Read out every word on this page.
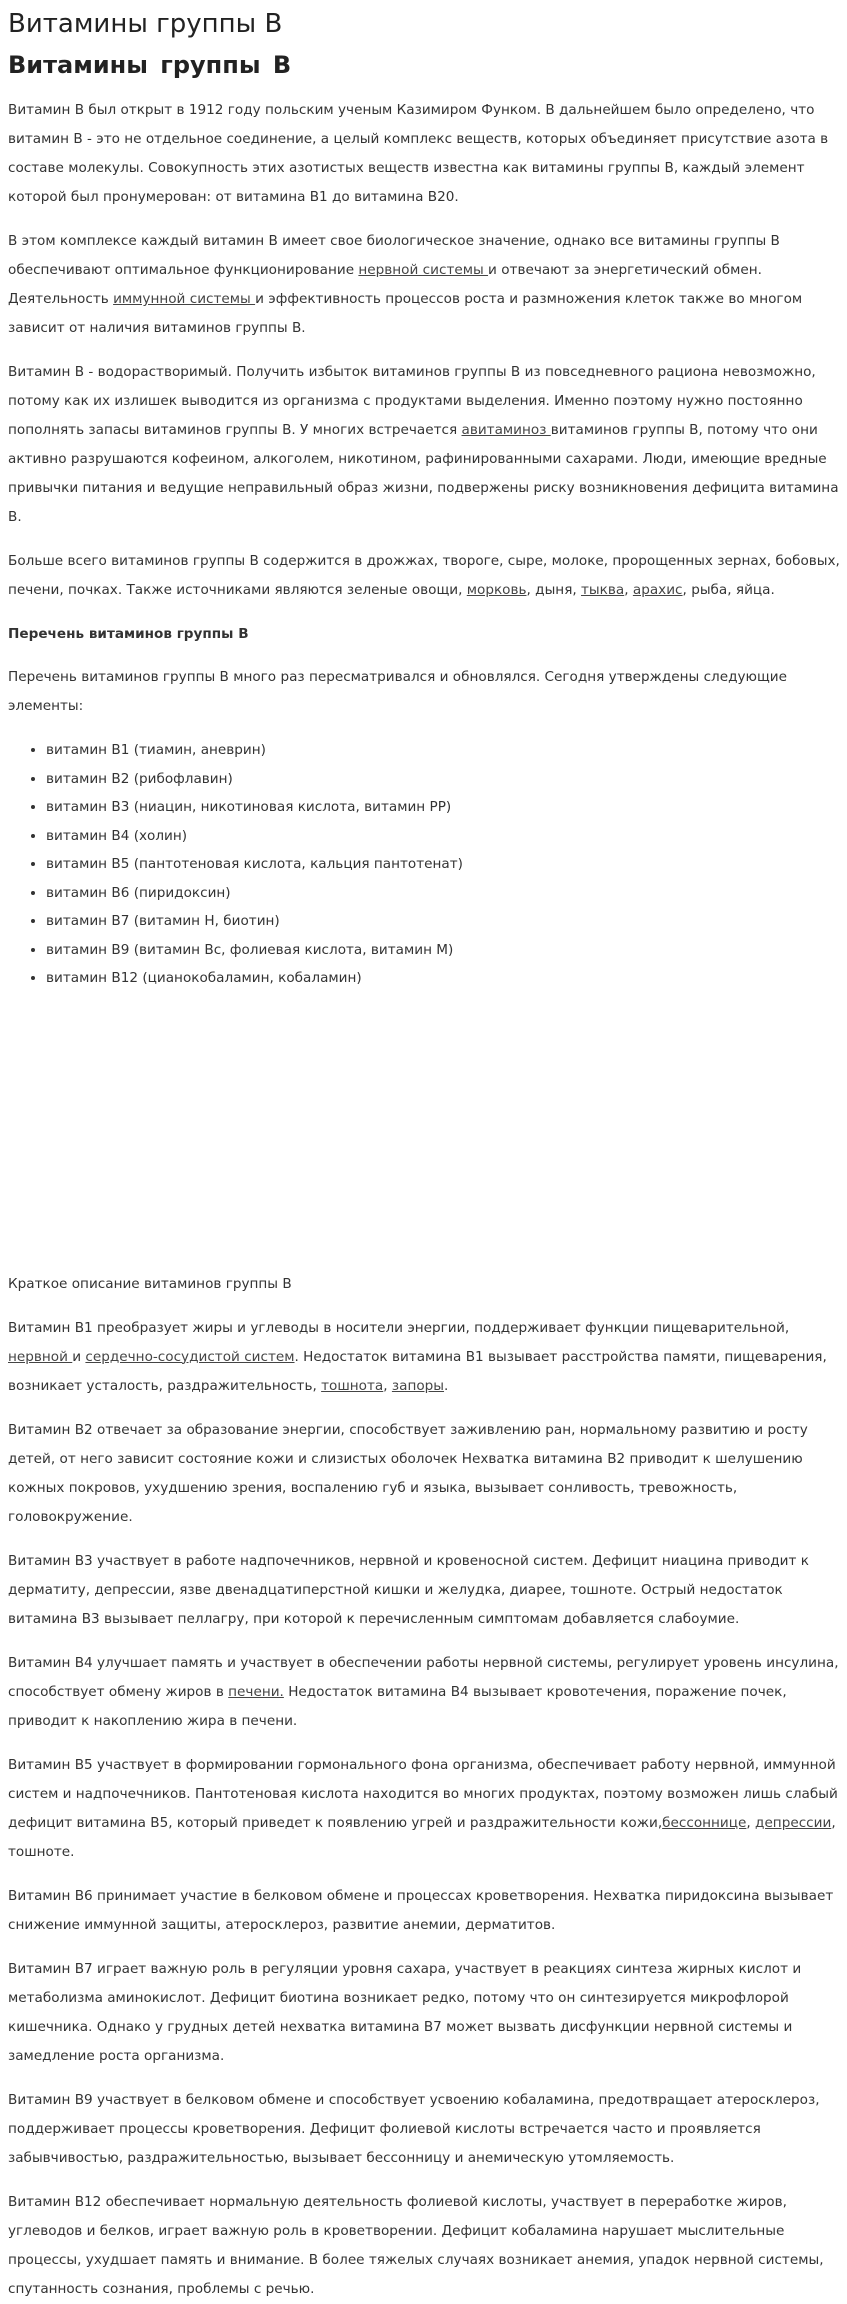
Витамины группы В
Витамины группы В

Витамин В был открыт в 1912 году польским ученым Казимиром Функом. В дальнейшем было определено, что витамин В - это не отдельное соединение, а целый комплекс веществ, которых объединяет присутствие азота в составе молекулы. Совокупность этих азотистых веществ известна как витамины группы В, каждый элемент которой был пронумерован: от витамина В1 до витамина В20.

В этом комплексе каждый витамин В имеет свое биологическое значение, однако все витамины группы В обеспечивают оптимальное функционирование нервной системы и отвечают за энергетический обмен. Деятельность иммунной системы и эффективность процессов роста и размножения клеток также во многом зависит от наличия витаминов группы В.

Витамин В - водорастворимый. Получить избыток витаминов группы В из повседневного рациона невозможно, потому как их излишек выводится из организма с продуктами выделения. Именно поэтому нужно постоянно пополнять запасы витаминов группы В. У многих встречается авитаминоз витаминов группы В, потому что они активно разрушаются кофеином, алкоголем, никотином, рафинированными сахарами. Люди, имеющие вредные привычки питания и ведущие неправильный образ жизни, подвержены риску возникновения дефицита витамина В.

Больше всего витаминов группы В содержится в дрожжах, твороге, сыре, молоке, пророщенных зернах, бобовых, печени, почках. Также источниками являются зеленые овощи, морковь, дыня, тыква, арахис, рыба, яйца.

Перечень витаминов группы В

Перечень витаминов группы В много раз пересматривался и обновлялся. Сегодня утверждены следующие элементы:

• витамин В1 (тиамин, аневрин)
• витамин В2 (рибофлавин)
• витамин В3 (ниацин, никотиновая кислота, витамин РР)
• витамин В4 (холин)
• витамин В5 (пантотеновая кислота, кальция пантотенат)
• витамин В6 (пиридоксин)
• витамин В7 (витамин Н, биотин)
• витамин В9 (витамин Вс, фолиевая кислота, витамин М)
• витамин В12 (цианокобаламин, кобаламин)

Краткое описание витаминов группы В

Витамин В1 преобразует жиры и углеводы в носители энергии, поддерживает функции пищеварительной, нервной и сердечно-сосудистой систем. Недостаток витамина В1 вызывает расстройства памяти, пищеварения, возникает усталость, раздражительность, тошнота, запоры.

Витамин В2 отвечает за образование энергии, способствует заживлению ран, нормальному развитию и росту детей, от него зависит состояние кожи и слизистых оболочек Нехватка витамина В2 приводит к шелушению кожных покровов, ухудшению зрения, воспалению губ и языка, вызывает сонливость, тревожность, головокружение.

Витамин В3 участвует в работе надпочечников, нервной и кровеносной систем. Дефицит ниацина приводит к дерматиту, депрессии, язве двенадцатиперстной кишки и желудка, диарее, тошноте. Острый недостаток витамина В3 вызывает пеллагру, при которой к перечисленным симптомам добавляется слабоумие.

Витамин В4 улучшает память и участвует в обеспечении работы нервной системы, регулирует уровень инсулина, способствует обмену жиров в печени. Недостаток витамина В4 вызывает кровотечения, поражение почек, приводит к накоплению жира в печени.

Витамин В5 участвует в формировании гормонального фона организма, обеспечивает работу нервной, иммунной систем и надпочечников. Пантотеновая кислота находится во многих продуктах, поэтому возможен лишь слабый дефицит витамина В5, который приведет к появлению угрей и раздражительности кожи,бессоннице, депрессии, тошноте.

Витамин В6 принимает участие в белковом обмене и процессах кроветворения. Нехватка пиридоксина вызывает снижение иммунной защиты, атеросклероз, развитие анемии, дерматитов.

Витамин В7 играет важную роль в регуляции уровня сахара, участвует в реакциях синтеза жирных кислот и метаболизма аминокислот. Дефицит биотина возникает редко, потому что он синтезируется микрофлорой кишечника. Однако у грудных детей нехватка витамина В7 может вызвать дисфункции нервной системы и замедление роста организма.

Витамин В9 участвует в белковом обмене и способствует усвоению кобаламина, предотвращает атеросклероз, поддерживает процессы кроветворения. Дефицит фолиевой кислоты встречается часто и проявляется забывчивостью, раздражительностью, вызывает бессонницу и анемическую утомляемость.

Витамин В12 обеспечивает нормальную деятельность фолиевой кислоты, участвует в переработке жиров, углеводов и белков, играет важную роль в кроветворении. Дефицит кобаламина нарушает мыслительные процессы, ухудшает память и внимание. В более тяжелых случаях возникает анемия, упадок нервной системы, спутанность сознания, проблемы с речью.
